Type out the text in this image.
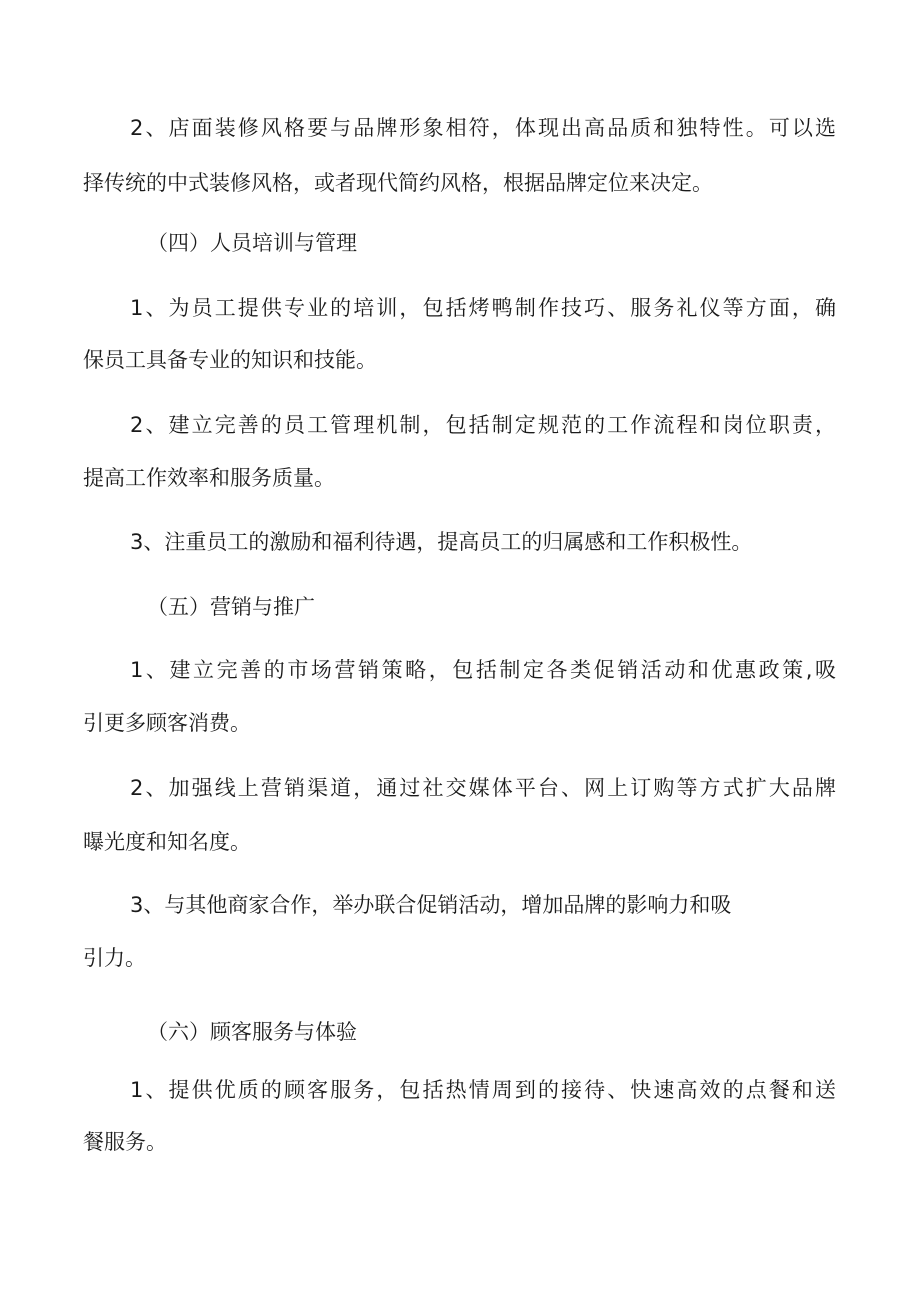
2、店面装修风格要与品牌形象相符，体现出高品质和独特性。可以选
择传统的中式装修风格，或者现代简约风格，根据品牌定位来决定。
（四）人员培训与管理
1、为员工提供专业的培训，包括烤鸭制作技巧、服务礼仪等方面，确
保员工具备专业的知识和技能。
2、建立完善的员工管理机制，包括制定规范的工作流程和岗位职责，
提高工作效率和服务质量。
3、注重员工的激励和福利待遇，提高员工的归属感和工作积极性。
（五）营销与推广
1、建立完善的市场营销策略，包括制定各类促销活动和优惠政策,吸
引更多顾客消费。
2、加强线上营销渠道，通过社交媒体平台、网上订购等方式扩大品牌
曝光度和知名度。
3、与其他商家合作，举办联合促销活动，增加品牌的影响力和吸
引力。
（六）顾客服务与体验
1、提供优质的顾客服务，包括热情周到的接待、快速高效的点餐和送
餐服务。
